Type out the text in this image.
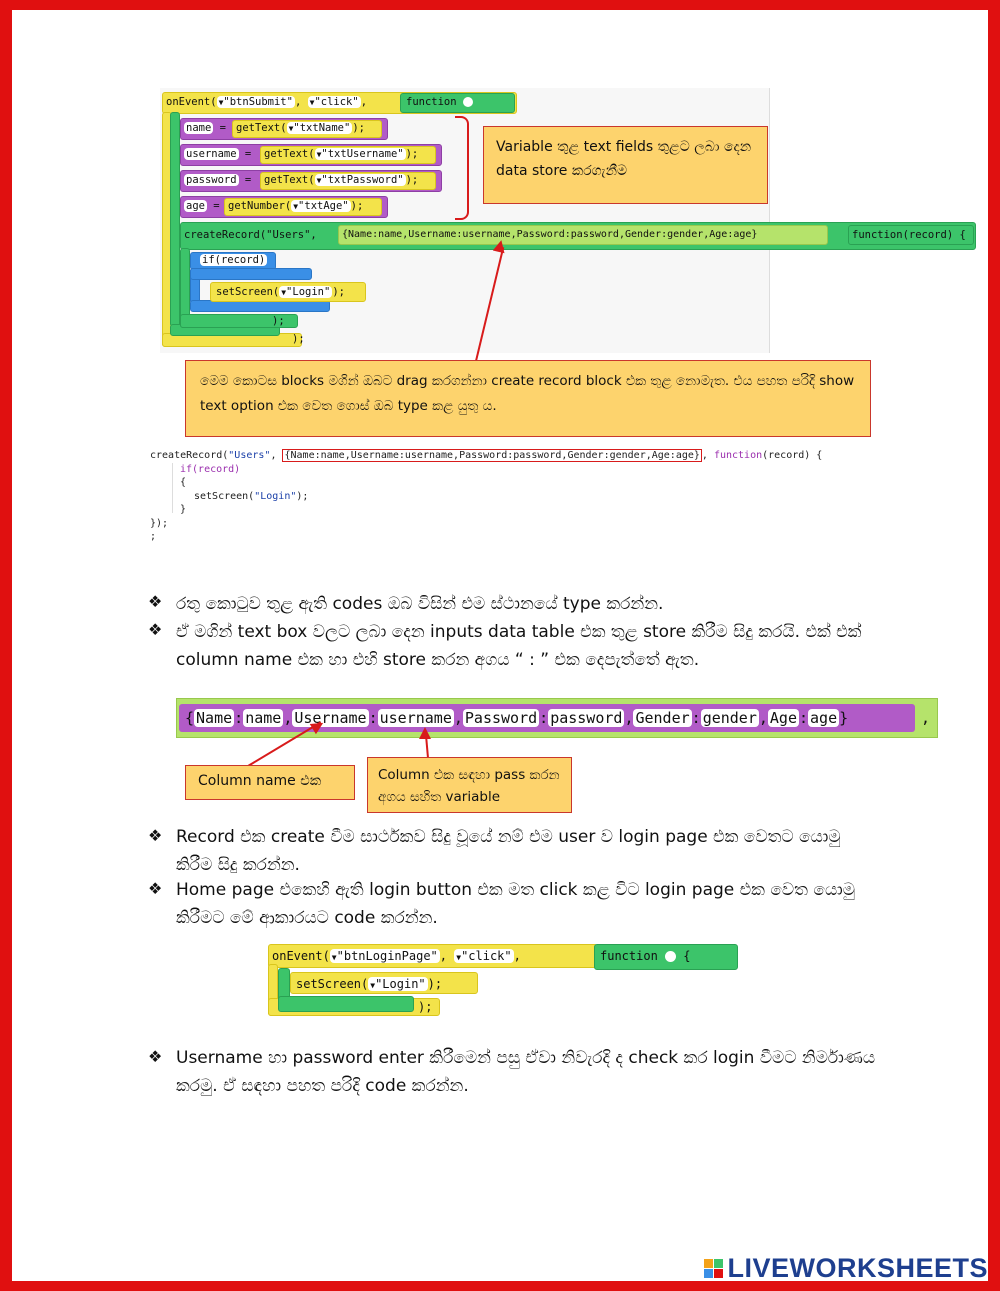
onEvent( ▼"btnSubmit" , ▼"click" ,	function
name = getText( ▼"txtName" );
username = getText( ▼"txtUsername" );
password = getText( ▼"txtPassword" );
age = getNumber( ▼"txtAge" );
createRecord("Users",	{Name:name,Username:username,Password:password,Gender:gender,Age:age}	function(record) {
);
);
if(record)
setScreen( ▼"Login" );
Variable තුළ text fields තුළට ලබා දෙන data store කරගැනීම
මෙම කොටස blocks මගින් ඔබට drag කරගන්නා create record block එක තුළ නොමැත. එය පහත පරිදි show text option එක වෙත ගොස් ඔබ type කළ යුතු ය.
createRecord("Users", {Name:name,Username:username,Password:password,Gender:gender,Age:age} , function(record) {
if(record)
{
setScreen("Login");
}
});
;
❖ රතු කොටුව තුළ ඇති codes ඔබ විසින් එම ස්ථානයේ type කරන්න.
❖ ඒ මගින් text box වලට ලබා දෙන inputs data table එක තුළ store කිරීම සිදු කරයි. එක් එක් column name එක හා එහි store කරන අගය “ : ” එක දෙපැත්තේ ඇත.
{ Name : name , Username : username , Password : password , Gender : gender , Age : age }	,
Column name එක	Column එක සඳහා pass කරන අගය සහිත variable
❖ Record එක create වීම සාර්ථකව සිදු වූයේ නම් එම user ව login page එක වෙතට යොමු කිරීම සිදු කරන්න.
❖ Home page එකෙහි ඇති login button එක මත click කළ විට login page එක වෙත යොමු කිරීමට මේ ආකාරයට code කරන්න.
onEvent( ▼"btnLoginPage" , ▼"click" ,	function  {
setScreen( ▼"Login" );
);
❖ Username හා password enter කිරීමෙන් පසු ඒවා නිවැරදි ද check කර login වීමට නිර්මාණය කරමු. ඒ සඳහා පහත පරිදි code කරන්න.
LIVEWORKSHEETS
